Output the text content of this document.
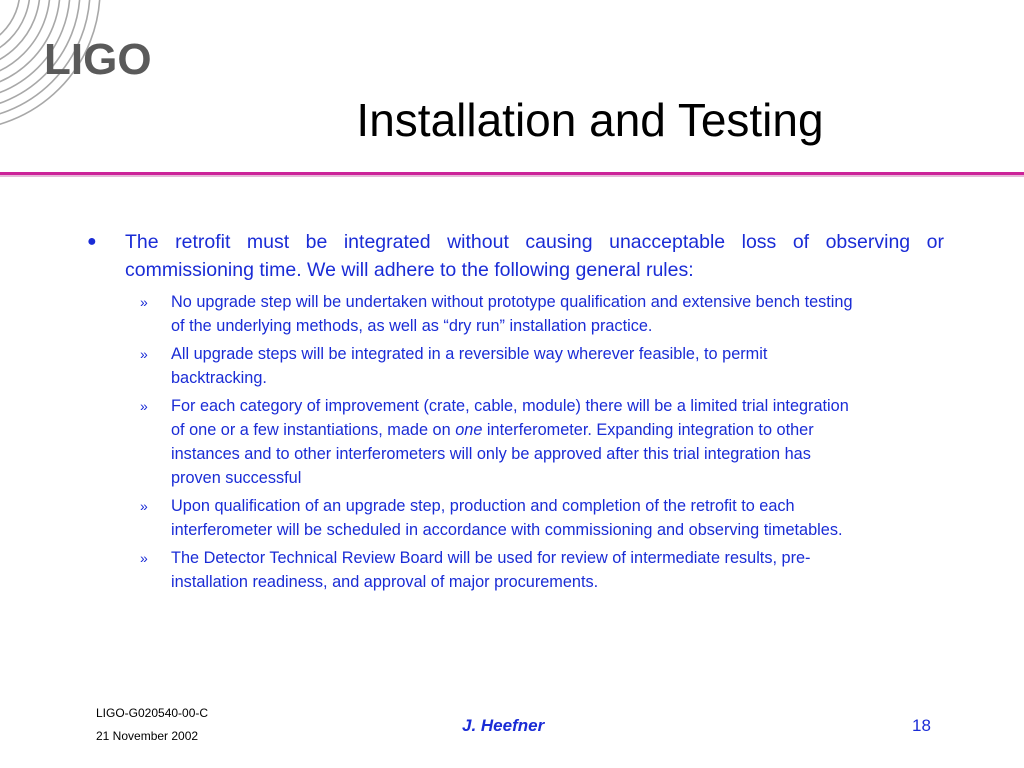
LIGO
Installation and Testing
● The retrofit must be integrated without causing unacceptable loss of observing or commissioning time. We will adhere to the following general rules:
» No upgrade step will be undertaken without prototype qualification and extensive bench testing of the underlying methods, as well as “dry run” installation practice.
» All upgrade steps will be integrated in a reversible way wherever feasible, to permit backtracking.
» For each category of improvement (crate, cable, module) there will be a limited trial integration of one or a few instantiations, made on one interferometer. Expanding integration to other instances and to other interferometers will only be approved after this trial integration has proven successful
» Upon qualification of an upgrade step, production and completion of the retrofit to each interferometer will be scheduled in accordance with commissioning and observing timetables.
» The Detector Technical Review Board will be used for review of intermediate results, pre-installation readiness, and approval of major procurements.
LIGO-G020540-00-C
21 November 2002
J. Heefner	18
